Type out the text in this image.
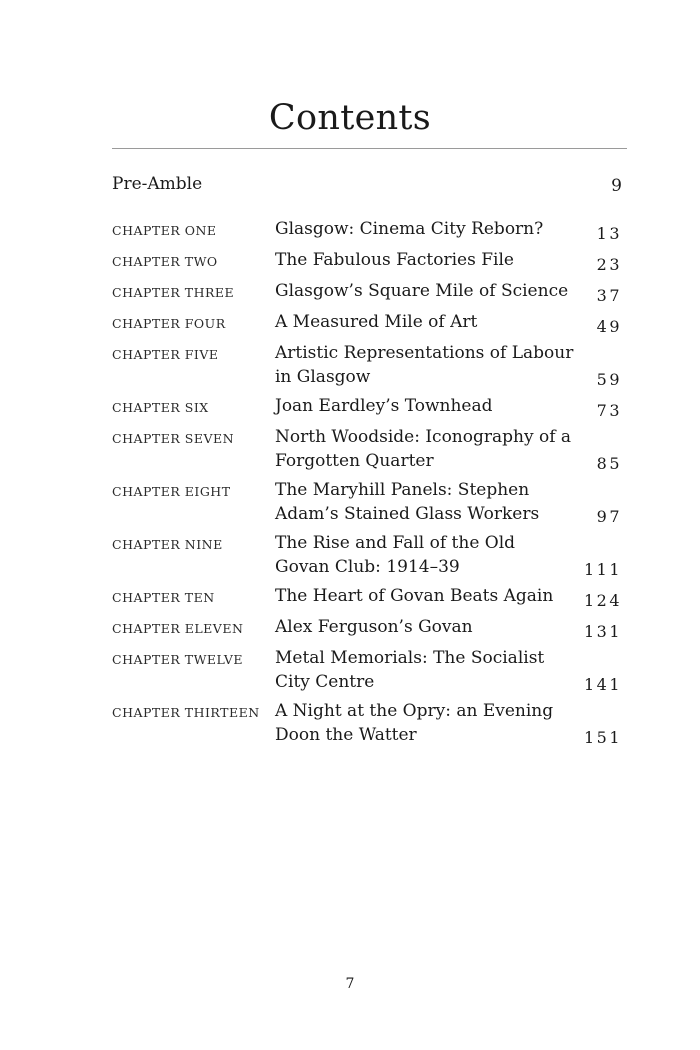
Contents
Pre-Amble	9
CHAPTER ONE	Glasgow: Cinema City Reborn?	13
CHAPTER TWO	The Fabulous Factories File	23
CHAPTER THREE	Glasgow’s Square Mile of Science	37
CHAPTER FOUR	A Measured Mile of Art	49
CHAPTER FIVE	Artistic Representations of Labour in Glasgow	59
CHAPTER SIX	Joan Eardley’s Townhead	73
CHAPTER SEVEN	North Woodside: Iconography of a Forgotten Quarter	85
CHAPTER EIGHT	The Maryhill Panels: Stephen Adam’s Stained Glass Workers	97
CHAPTER NINE	The Rise and Fall of the Old Govan Club: 1914–39	111
CHAPTER TEN	The Heart of Govan Beats Again	124
CHAPTER ELEVEN	Alex Ferguson’s Govan	131
CHAPTER TWELVE	Metal Memorials: The Socialist City Centre	141
CHAPTER THIRTEEN A Night at the Opry: an Evening Doon the Watter	151
7
